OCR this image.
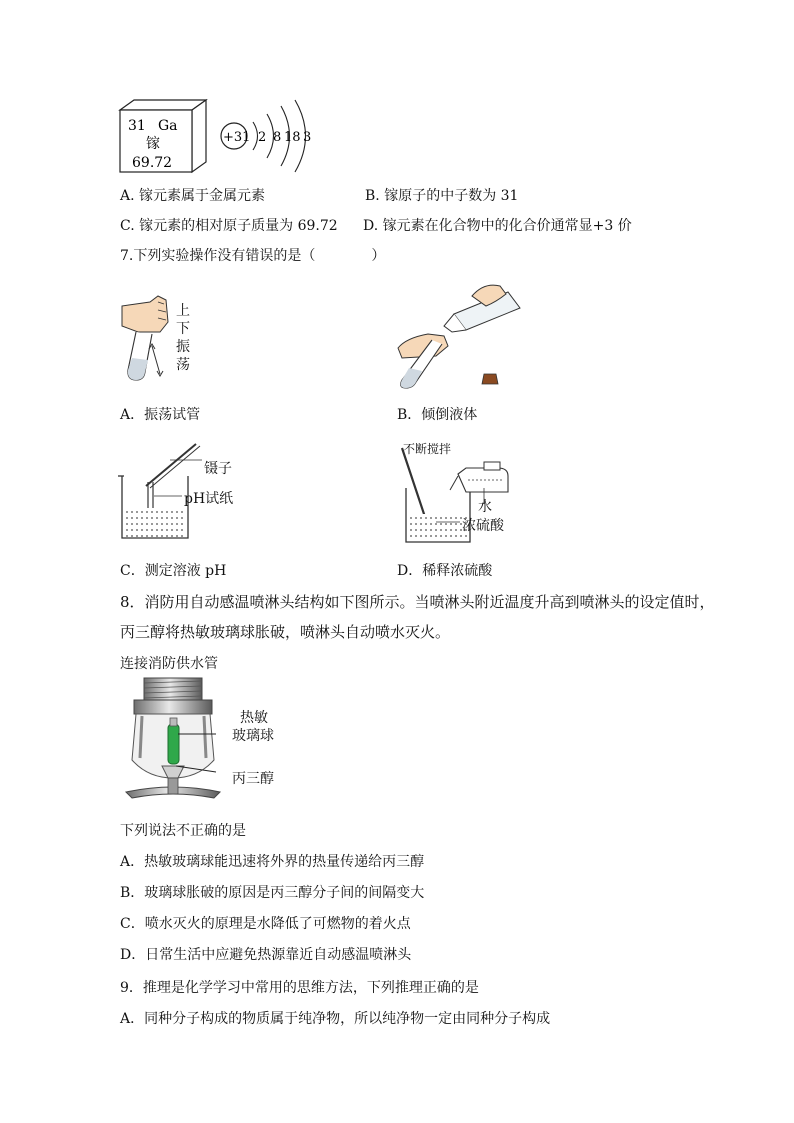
31 Ga
镓
69.72
+31 2 8 18 3
A. 镓元素属于金属元素	B. 镓原子的中子数为 31
C. 镓元素的相对原子质量为 69.72 D. 镓元素在化合物中的化合价通常显+3 价
7.下列实验操作没有错误的是（　　　　）
上
下
振
荡
A．振荡试管	B．倾倒液体
镊子
pH试纸
不断搅拌
水
浓硫酸
C．测定溶液 pH	D．稀释浓硫酸
8．消防用自动感温喷淋头结构如下图所示。当喷淋头附近温度升高到喷淋头的设定值时，
丙三醇将热敏玻璃球胀破，喷淋头自动喷水灭火。
连接消防供水管
热敏
玻璃球
丙三醇
下列说法不正确的是
A．热敏玻璃球能迅速将外界的热量传递给丙三醇
B．玻璃球胀破的原因是丙三醇分子间的间隔变大
C．喷水灭火的原理是水降低了可燃物的着火点
D．日常生活中应避免热源靠近自动感温喷淋头
9．推理是化学学习中常用的思维方法，下列推理正确的是
A．同种分子构成的物质属于纯净物，所以纯净物一定由同种分子构成
